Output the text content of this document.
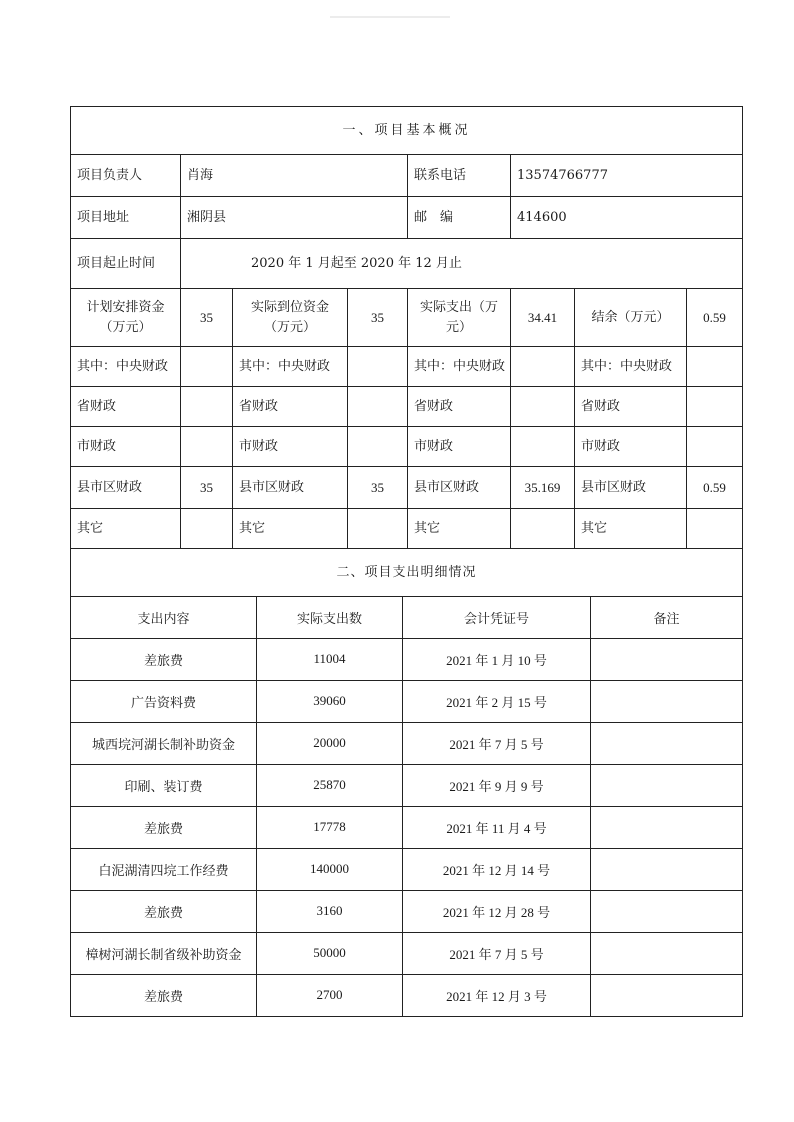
一、项目基本概况							
项目负责人	肖海			联系电话	13574766777		
项目地址	湘阴县			邮　编	414600		
项目起止时间	2020 年 1 月起至 2020 年 12 月止						
计划安排资金（万元）	35	实际到位资金（万元）	35	实际支出（万元）	34.41	结余（万元）	0.59
其中：中央财政		其中：中央财政		其中：中央财政		其中：中央财政	
省财政		省财政		省财政		省财政	
市财政		市财政		市财政		市财政	
县市区财政	35	县市区财政	35	县市区财政	35.169	县市区财政	0.59
其它		其它		其它		其它	
二、项目支出明细情况							
支出内容	实际支出数	会计凭证号	备注
差旅费	11004	2021 年 1 月 10 号	
广告资料费	39060	2021 年 2 月 15 号	
城西垸河湖长制补助资金	20000	2021 年 7 月 5 号	
印刷、装订费	25870	2021 年 9 月 9 号	
差旅费	17778	2021 年 11 月 4 号	
白泥湖清四垸工作经费	140000	2021 年 12 月 14 号	
差旅费	3160	2021 年 12 月 28 号	
樟树河湖长制省级补助资金	50000	2021 年 7 月 5 号	
差旅费	2700	2021 年 12 月 3 号	
